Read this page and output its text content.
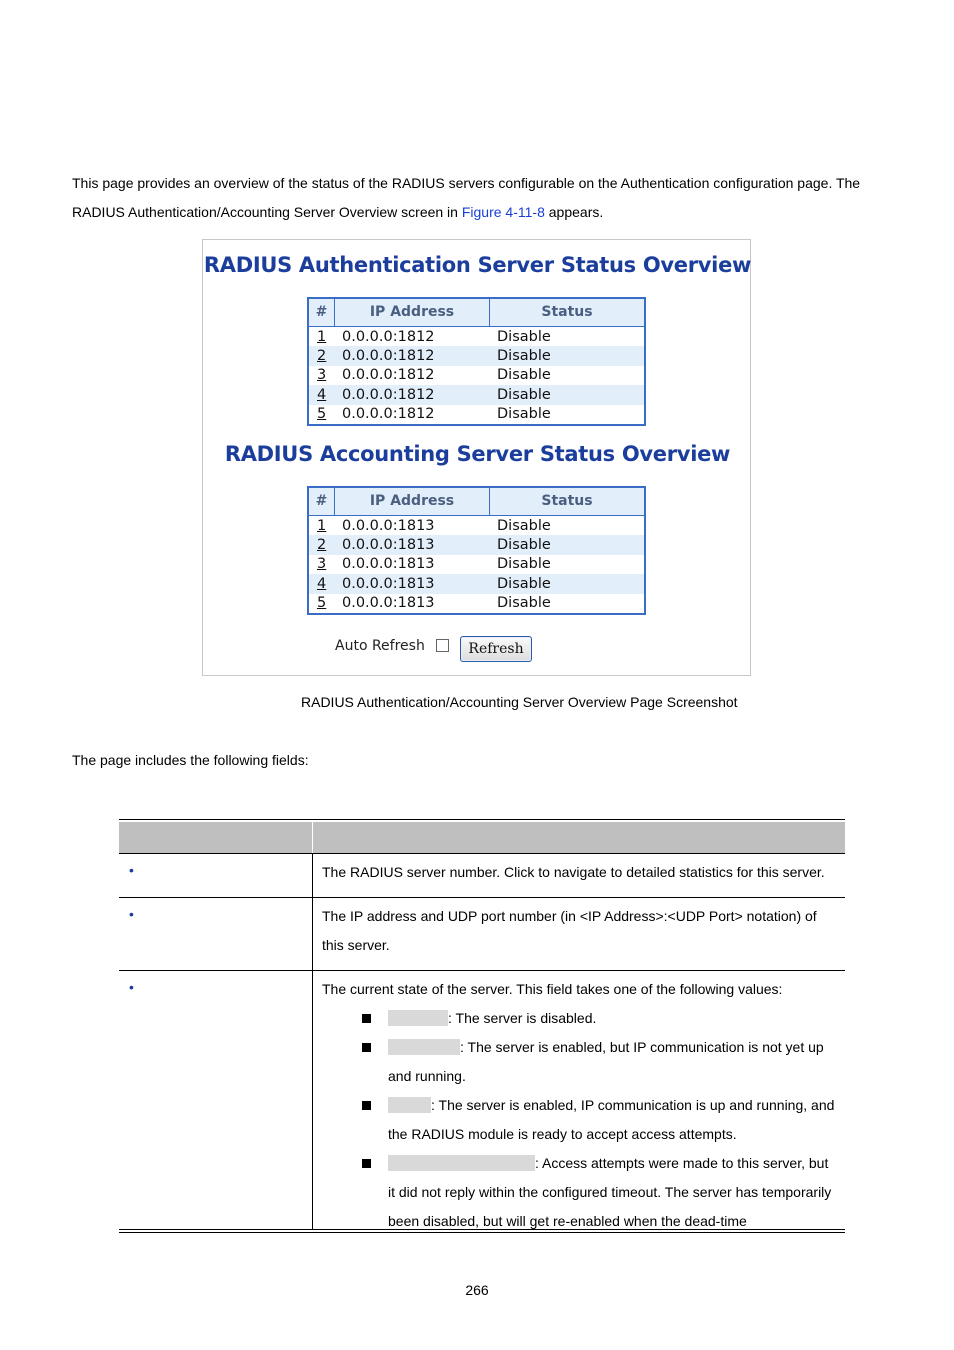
This page provides an overview of the status of the RADIUS servers configurable on the Authentication configuration page. The
RADIUS Authentication/Accounting Server Overview screen in Figure 4-11-8 appears.
RADIUS Authentication Server Status Overview
#	IP Address	Status
1	0.0.0.0:1812	Disable
2	0.0.0.0:1812	Disable
3	0.0.0.0:1812	Disable
4	0.0.0.0:1812	Disable
5	0.0.0.0:1812	Disable
RADIUS Accounting Server Status Overview
#	IP Address	Status
1	0.0.0.0:1813	Disable
2	0.0.0.0:1813	Disable
3	0.0.0.0:1813	Disable
4	0.0.0.0:1813	Disable
5	0.0.0.0:1813	Disable
Auto Refresh	Refresh
RADIUS Authentication/Accounting Server Overview Page Screenshot
The page includes the following fields:
•	The RADIUS server number. Click to navigate to detailed statistics for this server.
•	The IP address and UDP port number (in <IP Address>:<UDP Port> notation) of this server.
•	The current state of the server. This field takes one of the following values:
: The server is disabled.
: The server is enabled, but IP communication is not yet up and running.
: The server is enabled, IP communication is up and running, and the RADIUS module is ready to accept access attempts.
: Access attempts were made to this server, but it did not reply within the configured timeout. The server has temporarily been disabled, but will get re-enabled when the dead-time
266
